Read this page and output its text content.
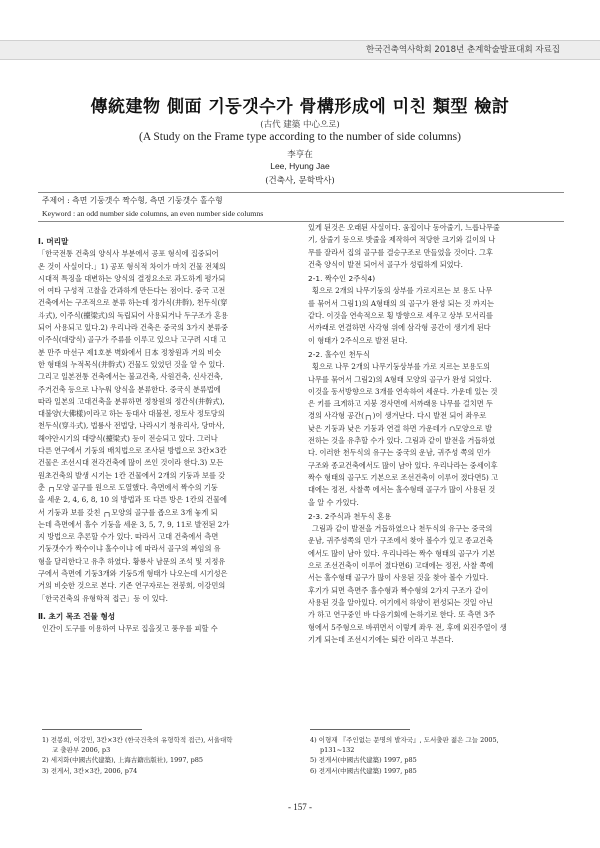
한국건축역사학회 2018년 춘계학술발표대회 자료집
傳統建物 側面 기둥갯수가 骨構形成에 미친 類型 檢討
(古代 建築 中心으로)
(A Study on the Frame type according to the number of side columns)
李亨在
Lee, Hyung Jae
(건축사, 문학박사)
주제어 : 측면 기둥갯수 짝수형, 측면 기둥갯수 홀수형
Keyword : an odd number side columns, an even number side columns

Ⅰ. 머리말

「한국전통 건축의 양식사 부분에서 공포 형식에 집중되어

온 것이 사실이다.」1) 공포 형식적 차이가 마치 건물 전체의

시대적 특징을 대변하는 양식의 결정요소로 과도하게 평가되

어 여타 구성적 고찰을 간과하게 만든다는 점이다. 중국 고전

건축에서는 구조적으로 분류 하는데 정가식(井幹), 천두식(穿

斗式), 이주식(擡梁式)의 독립되어 사용되거나 두구조가 혼용

되어 사용되고 있다.2) 우리나라 건축은 중국의 3가지 분류중

이주식(대량식) 골구가 주류를 이루고 있으나 고구려 시대 고

분 만주 마선구 제1호분 벽화에서 日本 정창원과 거의 비슷

한 형태의 누적목식(井幹式) 건물도 있었던 것을 알 수 있다.

그리고 일본전통 건축에서는 불교건축, 사원건축, 신사건축,

주거건축 등으로 나누워 양식을 분류한다. 중국식 분류법에

따라 일본의 고대건축을 분류하면 정창원의 정간식(井幹式),

대불양(大佛樣)이라고 하는 동대사 대불전, 정토사 정토당의

천두식(穿斗式), 법륭사 전법당, 나라시기 청유리사, 당마사,

해야안시기의 대량식(擡梁式) 등이 전승되고 있다. 그러나

다른 연구에서 기둥의 배치법으로 조사된 방법으로 3칸×3칸

건물은 조선시대 전각건축에 많이 쓰인 것이라 한다.3) 모든

원초건축의 발생 시기는 1칸 건물에서 2개의 기둥과 보를 갖

춘 ┌┐모양 골구를 원으로 도열했다. 측면에서 짝수의 기둥

을 세운 2, 4, 6, 8, 10 의 방법과 또 다른 방은 1칸의 건물에

서 기둥과 보를 갖친 ┌┐모양의 골구를 좁으로 3개 놓게 되

는데 측면에서 홀수 기둥을 세운 3, 5, 7, 9, 11로 발전된 2가

지 방법으로 추론할 수가 있다. 따라서 고대 건축에서 측면

기둥갯수가 짝수이냐 홀수이냐 에 따라서 골구의 짜임의 유

형을 달리한다고 유추 하였다. 황룡사 남문의 조석 및 지정유

구에서 측면에 기둥3개와 기둥5개 형태가 나오는데 시기성은

거의 비슷한 것으로 본다. 기존 연구자로는 전봉희, 이강민의

「한국건축의 유형학적 접근」등 이 있다.

Ⅱ. 초기 목조 건물 형성

인간이 도구를 이용하여 나무로 집을짓고 풍우를 피할 수

있게 된것은 오래된 사실이다. 움집이나 동아줄기, 느릅나무줄

기, 삼줄기 등으로 밧줄을 제작하여 적당한 크기와 길이의 나

무를 잘라서 집의 골구를 결승구조로 만들었을 것이다. 그후

건축 양식이 발전 되어서 골구가 성립하게 되었다.

2-1. 짝수인 2주식4)

횡으로 2개의 나무기둥의 상부를 가로지르는 보 용도 나무

를 묶어서 그림1)의 A형태의 의 골구가 완성 되는 것 까지는

같다. 이것을 연속적으로 횡 방향으로 세우고 상부 모서리를

서까래로 연결하면 사각형 위에 삼각형 공간이 생기게 된다

이 형태가 2주식으로 발전 된다.

2-2. 홀수인 천두식

횡으로 나무 2개의 나무기둥상부를 가로 지르는 보용도의

나무를 묶어서 그림2)의 A형태 모양의 골구가 완성 되었다.

이것을 동서방향으로 3개를 연속하여 세운다. 가운데 있는 것

은 키를 크게하고 지붕 경사면에 서까래용 나무를 걸치면 두

경의 사각형 공간(┌┐)이 생겨난다. 다시 발전 되어 좌우로

낮은 기둥과 낮은 기둥과 연결 하면 가운데가 ∩모양으로 발

전하는 것을 유추할 수가 있다. 그림과 같이 발전을 거듭하였

다. 이러한 천두식의 유구는 중국의 운남, 귀주성 쪽의 민가

구조와 종교건축에서도 많이 남아 있다. 우리나라는 중세이후

짝수 형태의 골구도 기본으로 조선건축이 이루어 졌다면5) 고

대에는 정전, 사찰쪽 에서는 홀수형태 골구가 많이 사용된 것

을 알 수 가있다.

2-3. 2주식과 천두식 혼용

그림과 같이 발전을 거듭하였으나 천두식의 유구는 중국의

운남, 귀주성쪽의 민가 구조에서 찾아 볼수가 있고 종교건축

에서도 많이 남아 있다. 우리나라는 짝수 형태의 골구가 기본

으로 조선건축이 이루어 졌다면6) 고대에는 정전, 사찰 쪽에

서는 홀수형태 골구가 많이 사용된 것을 찾아 볼수 가있다.

후기가 되면 측면주 홀수형과 짝수형의 2가지 구조가 같이

사용된 것을 알아있다. 여기에서 하양이 편성되는 것일 아닌

가 하고 연구중인 바 다음기회에 논하기로 한다. 또 측면 3주

형에서 5주형으로 바뀌면서 이렇게 좌우 전, 후에 외진주열이 생

기게 되는데 조선시기에는 퇴칸 이라고 부른다.

1) 전봉희, 이강민, 3칸×3칸 (한국건축의 유형학적 접근), 서울대학

교 출판부 2006, p3

2) 세지화(中國古代建築), 上海古籍出版社), 1997, p85

3) 전게서, 3칸×3칸, 2006, p74

4) 이형재 『주인없는 문명의 발자국』, 도서출판 젊은 그늘 2005,

p131~132

5) 전게서(中國古代建築) 1997, p85

6) 전게서(中國古代建築) 1997, p85

- 157 -
